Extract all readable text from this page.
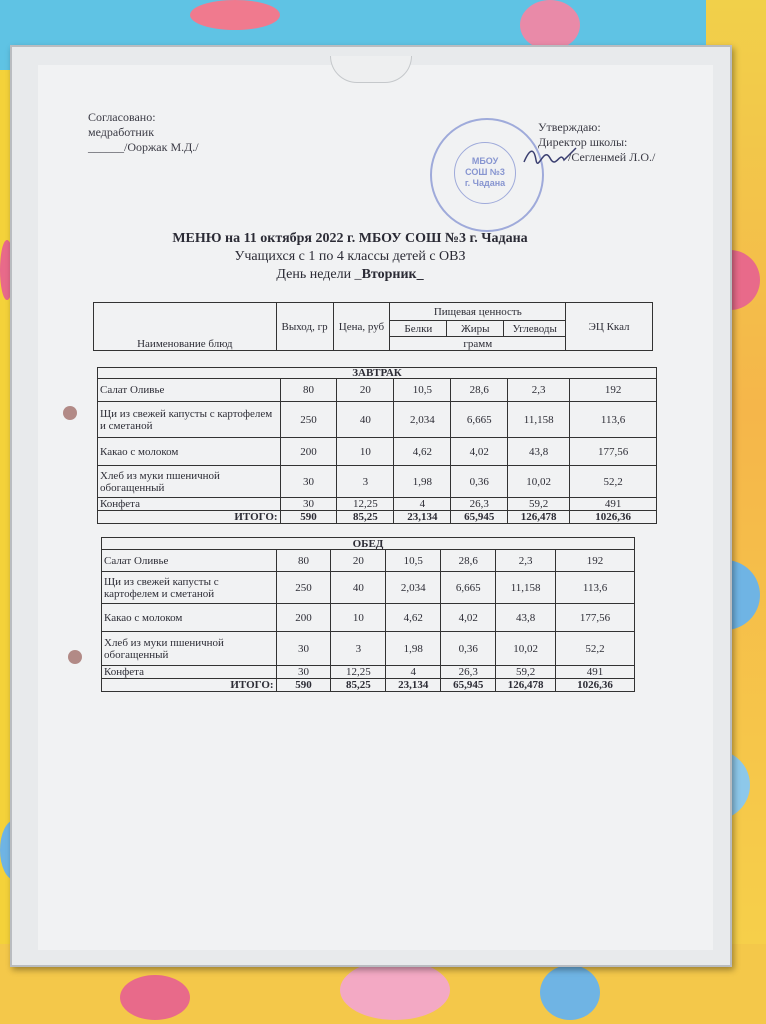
Согласовано:
медработник
______/Ооржак М.Д./
МБОУ
СОШ №3
г. Чадана
Утверждаю:
Директор школы:
/Сегленмей Л.О./
МЕНЮ на 11 октября 2022 г. МБОУ СОШ №3 г. Чадана
Учащихся с 1 по 4 классы детей с ОВЗ
День недели _Вторник_
Наименование блюд	Выход, гр	Цена, руб	Пищевая ценность			ЭЦ Ккал
			Белки	Жиры	Углеводы	
			грамм			
ЗАВТРАК						
Салат Оливье	80	20	10,5	28,6	2,3	192
Щи из свежей капусты с картофелем и сметаной	250	40	2,034	6,665	11,158	113,6
Какао с молоком	200	10	4,62	4,02	43,8	177,56
Хлеб из муки пшеничной обогащенный	30	3	1,98	0,36	10,02	52,2
Конфета	30	12,25	4	26,3	59,2	491
ИТОГО:	590	85,25	23,134	65,945	126,478	1026,36
ОБЕД						
Салат Оливье	80	20	10,5	28,6	2,3	192
Щи из свежей капусты с картофелем и сметаной	250	40	2,034	6,665	11,158	113,6
Какао с молоком	200	10	4,62	4,02	43,8	177,56
Хлеб из муки пшеничной обогащенный	30	3	1,98	0,36	10,02	52,2
Конфета	30	12,25	4	26,3	59,2	491
ИТОГО:	590	85,25	23,134	65,945	126,478	1026,36
